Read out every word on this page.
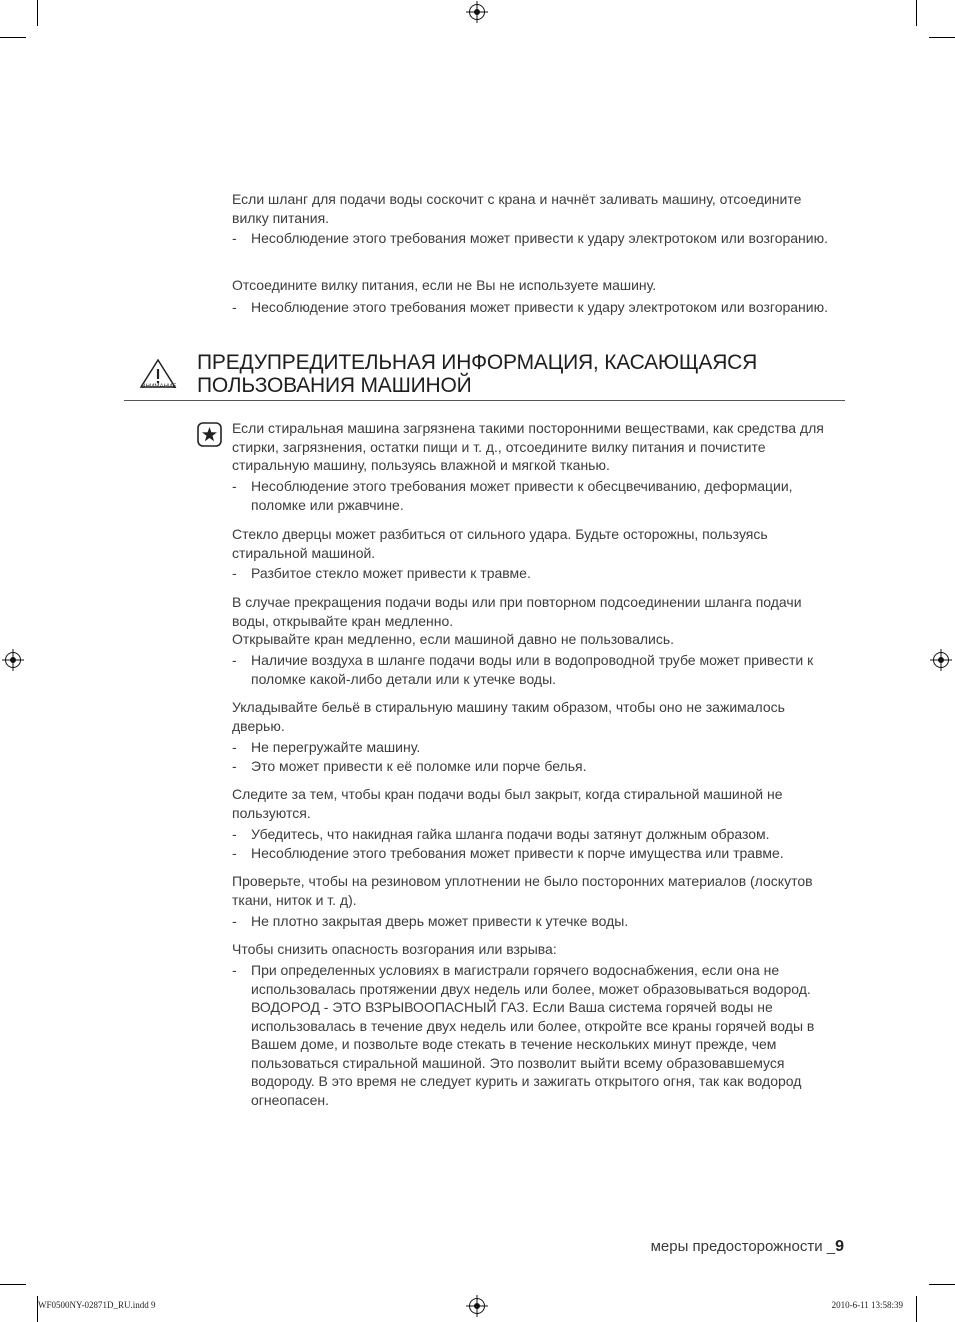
Если шланг для подачи воды соскочит с крана и начнёт заливать машину, отсоедините вилку питания.
- Несоблюдение этого требования может привести к удару электротоком или возгоранию.
Отсоедините вилку питания, если не Вы не используете машину.
- Несоблюдение этого требования может привести к удару электротоком или возгоранию.
ВНИМАНИЕ
ПРЕДУПРЕДИТЕЛЬНАЯ ИНФОРМАЦИЯ, КАСАЮЩАЯСЯ ПОЛЬЗОВАНИЯ МАШИНОЙ
Если стиральная машина загрязнена такими посторонними веществами, как средства для стирки, загрязнения, остатки пищи и т. д., отсоедините вилку питания и почистите стиральную машину, пользуясь влажной и мягкой тканью.
- Несоблюдение этого требования может привести к обесцвечиванию, деформации, поломке или ржавчине.
Стекло дверцы может разбиться от сильного удара. Будьте осторожны, пользуясь стиральной машиной.
- Разбитое стекло может привести к травме.
В случае прекращения подачи воды или при повторном подсоединении шланга подачи воды, открывайте кран медленно.
Открывайте кран медленно, если машиной давно не пользовались.
- Наличие воздуха в шланге подачи воды или в водопроводной трубе может привести к поломке какой-либо детали или к утечке воды.
Укладывайте бельё в стиральную машину таким образом, чтобы оно не зажималось дверью.
- Не перегружайте машину.
- Это может привести к её поломке или порче белья.
Следите за тем, чтобы кран подачи воды был закрыт, когда стиральной машиной не пользуются.
- Убедитесь, что накидная гайка шланга подачи воды затянут должным образом.
- Несоблюдение этого требования может привести к порче имущества или травме.
Проверьте, чтобы на резиновом уплотнении не было посторонних материалов (лоскутов ткани, ниток и т. д).
- Не плотно закрытая дверь может привести к утечке воды.
Чтобы снизить опасность возгорания или взрыва:
- При определенных условиях в магистрали горячего водоснабжения, если она не использовалась протяжении двух недель или более, может образовываться водород. ВОДОРОД - ЭТО ВЗРЫВООПАСНЫЙ ГАЗ. Если Ваша система горячей воды не использовалась в течение двух недель или более, откройте все краны горячей воды в Вашем доме, и позвольте воде стекать в течение нескольких минут прежде, чем пользоваться стиральной машиной. Это позволит выйти всему образовавшемуся водороду. В это время не следует курить и зажигать открытого огня, так как водород огнеопасен.
меры предосторожности _9
WF0500NY-02871D_RU.indd 9	2010-6-11 13:58:39
